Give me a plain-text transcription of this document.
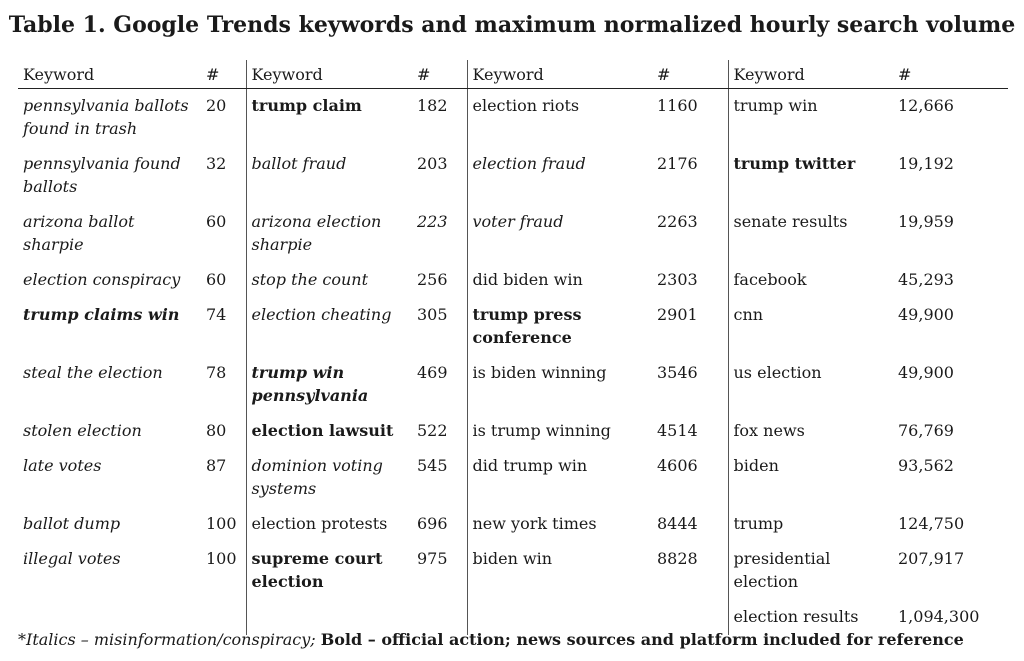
Table 1. Google Trends keywords and maximum normalized hourly search volume
Keyword	#	Keyword	#	Keyword	#	Keyword	#
pennsylvania ballots found in trash	20	trump claim	182	election riots	1160	trump win	12,666
pennsylvania found ballots	32	ballot fraud	203	election fraud	2176	trump twitter	19,192
arizona ballot sharpie	60	arizona election sharpie	223	voter fraud	2263	senate results	19,959
election conspiracy	60	stop the count	256	did biden win	2303	facebook	45,293
trump claims win	74	election cheating	305	trump press conference	2901	cnn	49,900
steal the election	78	trump win pennsylvania	469	is biden winning	3546	us election	49,900
stolen election	80	election lawsuit	522	is trump winning	4514	fox news	76,769
late votes	87	dominion voting systems	545	did trump win	4606	biden	93,562
ballot dump	100	election protests	696	new york times	8444	trump	124,750
illegal votes	100	supreme court election	975	biden win	8828	presidential election	207,917
						election results	1,094,300
*Italics – misinformation/conspiracy; Bold – official action; news sources and platform included for reference
